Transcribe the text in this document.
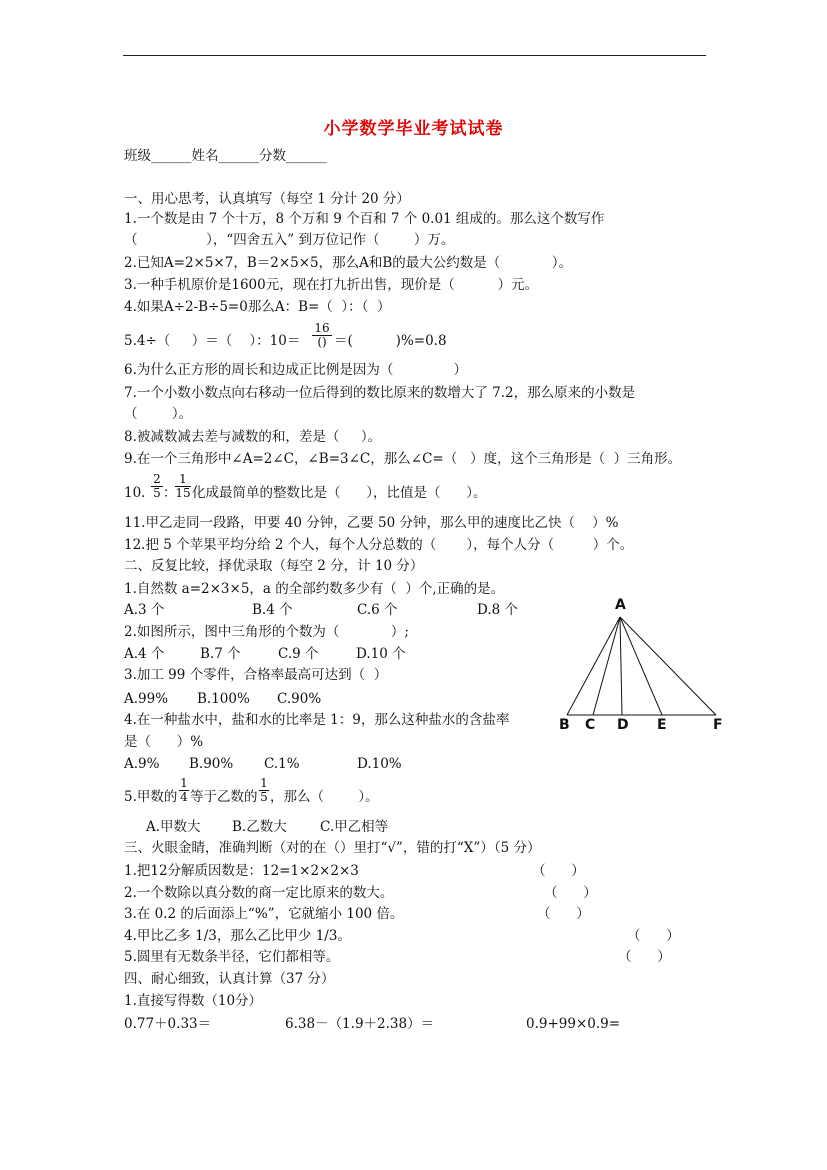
小学数学毕业考试试卷
班级______姓名______分数______
一、用心思考，认真填写（每空 1 分计 20 分）
1.一个数是由 7 个十万，8 个万和 9 个百和 7 个 0.01 组成的。那么这个数写作
（                ），“四舍五入” 到万位记作（        ）万。
2.已知A=2×5×7，B＝2×5×5，那么A和B的最大公约数是（            ）。
3.一种手机原价是1600元，现在打九折出售，现价是（          ）元。
4.如果A÷2-B÷5=0那么A：B=（  ）：（  ）
5.4÷（     ）＝（    ）：10＝
16
() ＝(          )%=0.8
6.为什么正方形的周长和边成正比例是因为（              ）
7.一个小数小数点向右移动一位后得到的数比原来的数增大了 7.2，那么原来的小数是
（        ）。
8.被减数减去差与减数的和，差是（     ）。
9.在一个三角形中∠A=2∠C，∠B=3∠C，那么∠C=（   ）度，这个三角形是（  ）三角形。
10. $\frac{2}{5}$ ：
$\frac{1}{15}$ 化成最简单的整数比是（      ），比值是（      ）。
11.甲乙走同一段路，甲要 40 分钟，乙要 50 分钟，那么甲的速度比乙快（    ）%
12.把 5 个苹果平均分给 2 个人，每个人分总数的（       ），每个人分（         ）个。
二、反复比较，择优录取（每空 2 分，计 10 分）
1.自然数 a=2×3×5，a 的全部约数多少有（  ）个,正确的是。
A.3 个	B.4 个	C.6 个	D.8 个
2.如图所示，图中三角形的个数为（            ）;
A.4 个	B.7 个	C.9 个	D.10 个
3.加工 99 个零件，合格率最高可达到（  ）
A.99% B.100% C.90%
4.在一种盐水中，盐和水的比率是 1：9，那么这种盐水的含盐率
是（      ）%
A.9% B.90% C.1%	D.10%
5.甲数的 $\frac{1}{4}$ 等于乙数的 $\frac{1}{5}$ ，那么（        ）。
A.甲数大 B.乙数大 C.甲乙相等
A
B C D E	F
三、火眼金睛，准确判断（对的在（）里打“√”，错的打“X”）（5 分）
1.把12分解质因数是：12=1×2×2×3	（      ）
2.一个数除以真分数的商一定比原来的数大。	（      ）
3.在 0.2 的后面添上“%”，它就缩小 100 倍。	（      ）
4.甲比乙多 1/3，那么乙比甲少 1/3。	（      ）
5.圆里有无数条半径，它们都相等。	（      ）
四、耐心细致，认真计算（37 分）
1.直接写得数（10分）
0.77＋0.33＝	6.38－（1.9＋2.38）＝	0.9+99×0.9=
